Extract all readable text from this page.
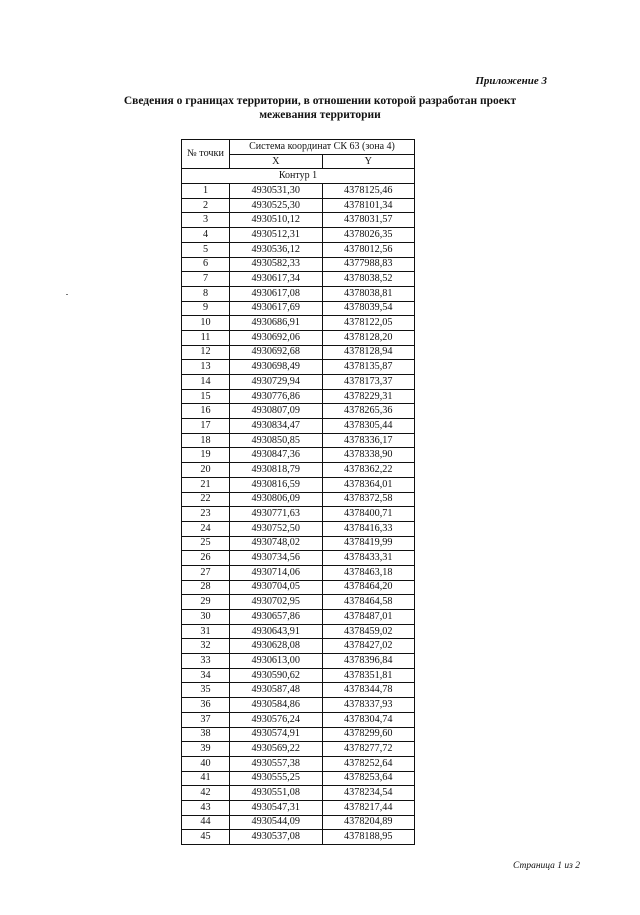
Приложение 3
Сведения о границах территории, в отношении которой разработан проект
межевания территории
№ точки	Система координат СК 63 (зона 4)	
	X	Y
Контур 1		
1	4930531,30	4378125,46
2	4930525,30	4378101,34
3	4930510,12	4378031,57
4	4930512,31	4378026,35
5	4930536,12	4378012,56
6	4930582,33	4377988,83
7	4930617,34	4378038,52
8	4930617,08	4378038,81
9	4930617,69	4378039,54
10	4930686,91	4378122,05
11	4930692,06	4378128,20
12	4930692,68	4378128,94
13	4930698,49	4378135,87
14	4930729,94	4378173,37
15	4930776,86	4378229,31
16	4930807,09	4378265,36
17	4930834,47	4378305,44
18	4930850,85	4378336,17
19	4930847,36	4378338,90
20	4930818,79	4378362,22
21	4930816,59	4378364,01
22	4930806,09	4378372,58
23	4930771,63	4378400,71
24	4930752,50	4378416,33
25	4930748,02	4378419,99
26	4930734,56	4378433,31
27	4930714,06	4378463,18
28	4930704,05	4378464,20
29	4930702,95	4378464,58
30	4930657,86	4378487,01
31	4930643,91	4378459,02
32	4930628,08	4378427,02
33	4930613,00	4378396,84
34	4930590,62	4378351,81
35	4930587,48	4378344,78
36	4930584,86	4378337,93
37	4930576,24	4378304,74
38	4930574,91	4378299,60
39	4930569,22	4378277,72
40	4930557,38	4378252,64
41	4930555,25	4378253,64
42	4930551,08	4378234,54
43	4930547,31	4378217,44
44	4930544,09	4378204,89
45	4930537,08	4378188,95
Страница 1 из 2
